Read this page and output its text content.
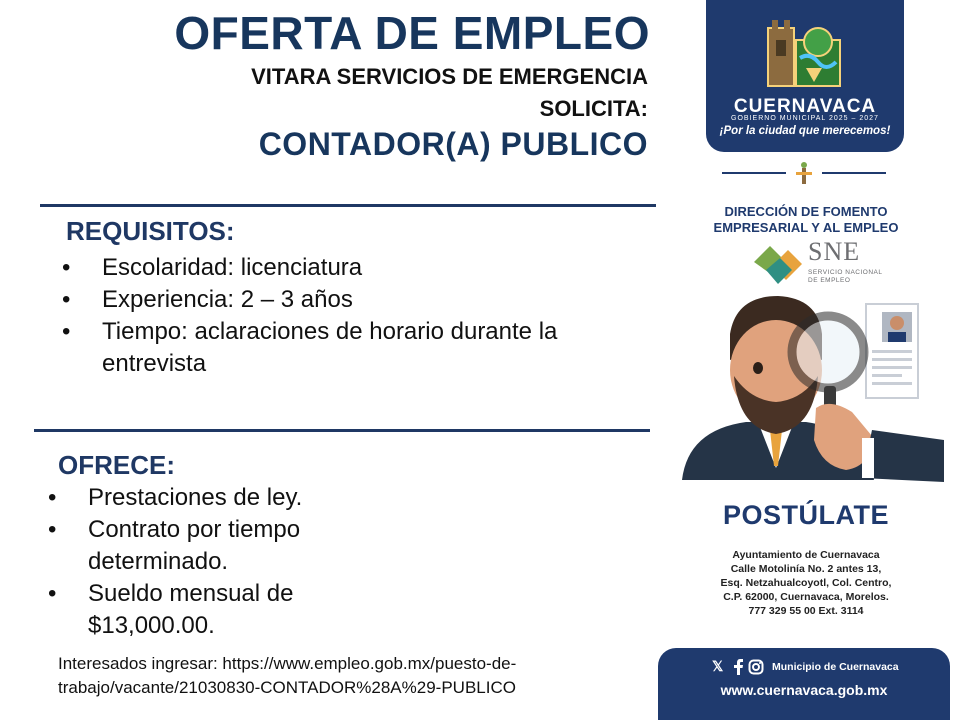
OFERTA DE EMPLEO
VITARA SERVICIOS DE EMERGENCIA
SOLICITA:
CONTADOR(A) PUBLICO
REQUISITOS:
• Escolaridad: licenciatura
• Experiencia: 2 – 3 años
• Tiempo: aclaraciones de horario durante la entrevista
OFRECE:
• Prestaciones de ley.
• Contrato por tiempo determinado.
• Sueldo mensual de $13,000.00.
Interesados ingresar: https://www.empleo.gob.mx/puesto-de-trabajo/vacante/21030830-CONTADOR%28A%29-PUBLICO
CUERNAVACA
GOBIERNO MUNICIPAL 2025 – 2027
¡Por la ciudad que merecemos!
DIRECCIÓN DE FOMENTO EMPRESARIAL Y AL EMPLEO
SNE
SERVICIO NACIONAL
DE EMPLEO
POSTÚLATE
Ayuntamiento de Cuernavaca
Calle Motolinía No. 2 antes 13,
Esq. Netzahualcoyotl, Col. Centro,
C.P. 62000, Cuernavaca, Morelos.
777 329 55 00 Ext. 3114
𝕏	Municipio de Cuernavaca
www.cuernavaca.gob.mx
